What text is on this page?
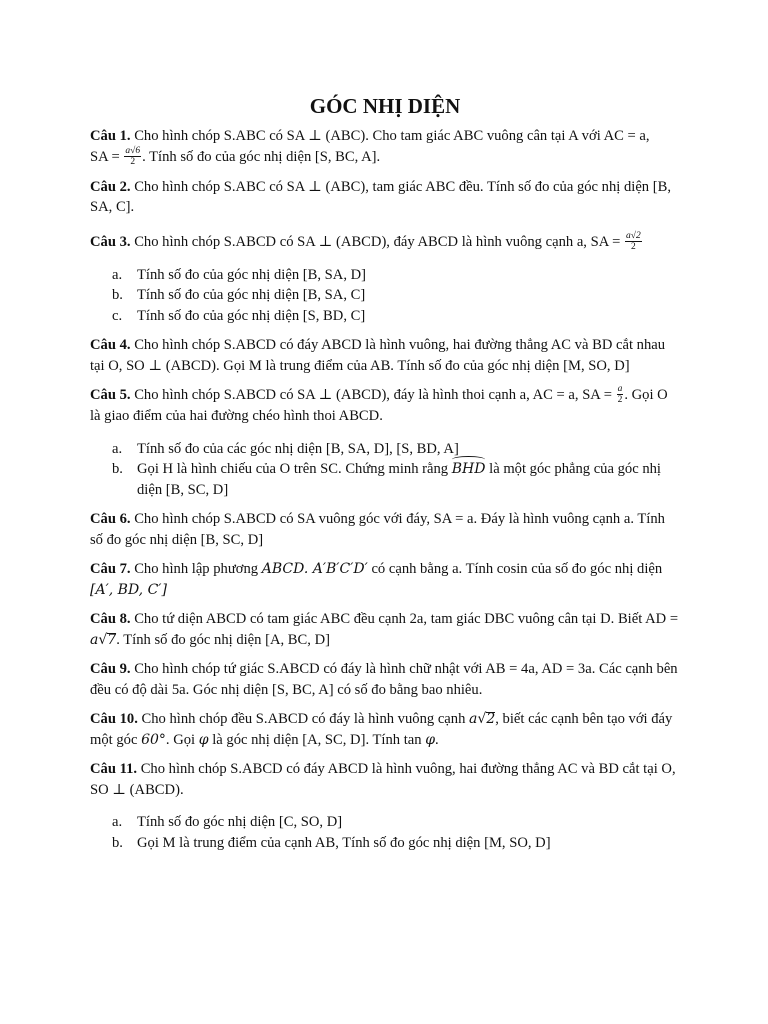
GÓC NHỊ DIỆN
Câu 1. Cho hình chóp S.ABC có SA ⊥ (ABC). Cho tam giác ABC vuông cân tại A với AC = a,
SA = $\frac{a√6}{2}$ . Tính số đo của góc nhị diện [S, BC, A].
Câu 2. Cho hình chóp S.ABC có SA ⊥ (ABC), tam giác ABC đều. Tính số đo của góc nhị diện [B, SA, C].
Câu 3. Cho hình chóp S.ABCD có SA ⊥ (ABCD), đáy ABCD là hình vuông cạnh a, SA = $\frac{a√2}{2}$
a. Tính số đo của góc nhị diện [B, SA, D]
b. Tính số đo của góc nhị diện [B, SA, C]
c. Tính số đo của góc nhị diện [S, BD, C]
Câu 4. Cho hình chóp S.ABCD có đáy ABCD là hình vuông, hai đường thẳng AC và BD cắt nhau tại O, SO ⊥ (ABCD). Gọi M là trung điểm của AB. Tính số đo của góc nhị diện [M, SO, D]
Câu 5. Cho hình chóp S.ABCD có SA ⊥ (ABCD), đáy là hình thoi cạnh a, AC = a, SA = $\frac{a}{2}$ . Gọi O là giao điểm của hai đường chéo hình thoi ABCD.
a. Tính số đo của các góc nhị diện [B, SA, D], [S, BD, A]
b. Gọi H là hình chiếu của O trên SC. Chứng minh rằng BHD là một góc phẳng của góc nhị diện [B, SC, D]
Câu 6. Cho hình chóp S.ABCD có SA vuông góc với đáy, SA = a. Đáy là hình vuông cạnh a. Tính số đo góc nhị diện [B, SC, D]
Câu 7. Cho hình lập phương ABCD. A′B′C′D′ có cạnh bằng a. Tính cosin của số đo góc nhị diện [A′, BD, C′]
Câu 8. Cho tứ diện ABCD có tam giác ABC đều cạnh 2a, tam giác DBC vuông cân tại D. Biết AD = a√7. Tính số đo góc nhị diện [A, BC, D]
Câu 9. Cho hình chóp tứ giác S.ABCD có đáy là hình chữ nhật với AB = 4a, AD = 3a. Các cạnh bên đều có độ dài 5a. Góc nhị diện [S, BC, A] có số đo bằng bao nhiêu.
Câu 10. Cho hình chóp đều S.ABCD có đáy là hình vuông cạnh a√2, biết các cạnh bên tạo với đáy một góc 60°. Gọi φ là góc nhị diện [A, SC, D]. Tính tan φ.
Câu 11. Cho hình chóp S.ABCD có đáy ABCD là hình vuông, hai đường thẳng AC và BD cắt tại O, SO ⊥ (ABCD).
a. Tính số đo góc nhị diện [C, SO, D]
b. Gọi M là trung điểm của cạnh AB, Tính số đo góc nhị diện [M, SO, D]
